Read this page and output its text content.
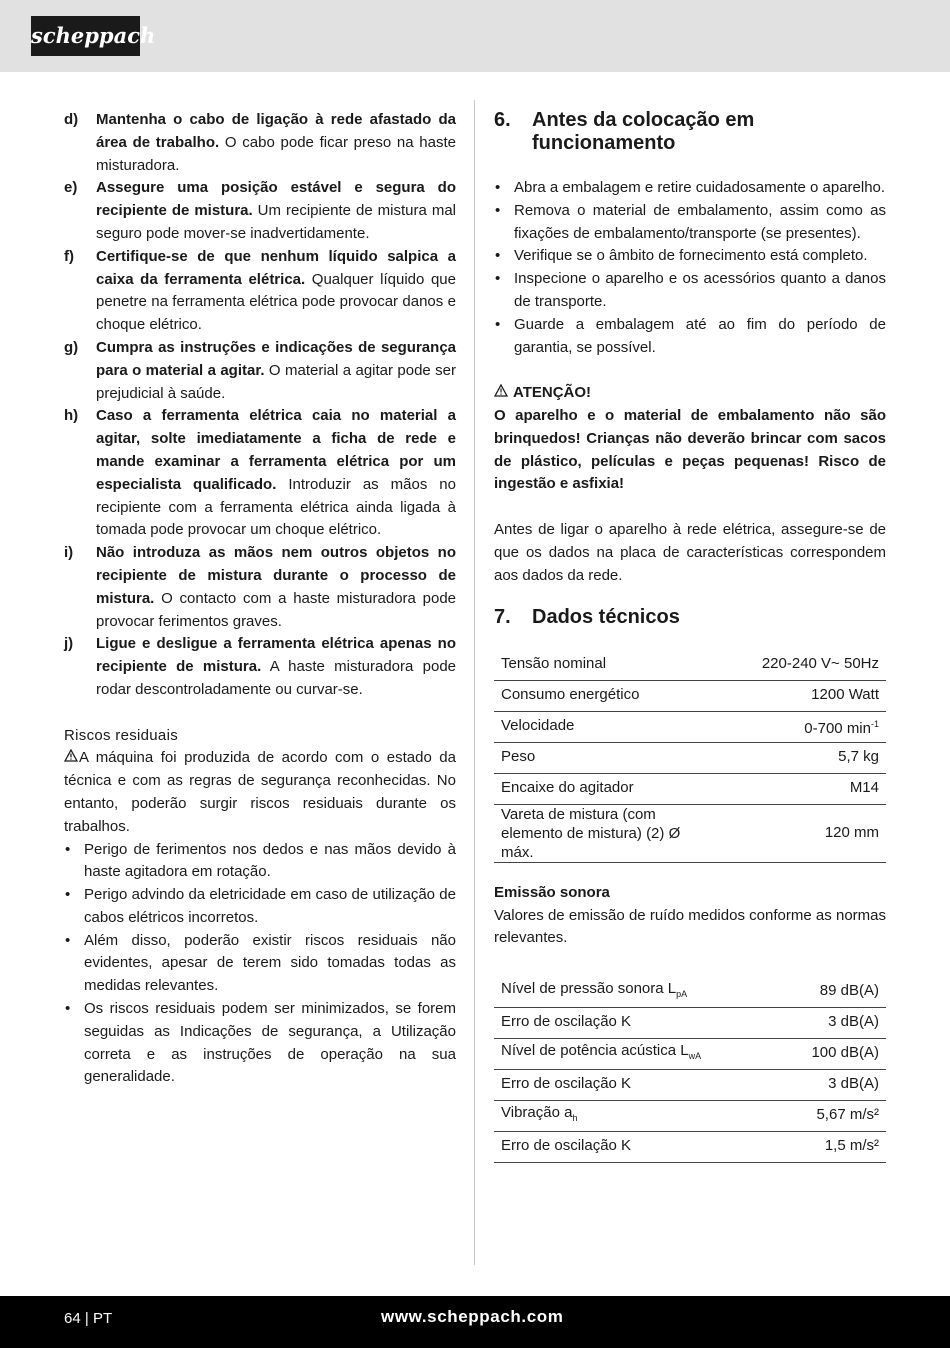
scheppach
d)	Mantenha o cabo de ligação à rede afastado da área de trabalho. O cabo pode ficar preso na haste misturadora.
e)	Assegure uma posição estável e segura do recipiente de mistura. Um recipiente de mistura mal seguro pode mover-se inadvertidamente.
f)	Certifique-se de que nenhum líquido salpica a caixa da ferramenta elétrica. Qualquer líquido que penetre na ferramenta elétrica pode provocar danos e choque elétrico.
g)	Cumpra as instruções e indicações de segurança para o material a agitar. O material a agitar pode ser prejudicial à saúde.
h)	Caso a ferramenta elétrica caia no material a agitar, solte imediatamente a ficha de rede e mande examinar a ferramenta elétrica por um especialista qualificado. Introduzir as mãos no recipiente com a ferramenta elétrica ainda ligada à tomada pode provocar um choque elétrico.
i)	Não introduza as mãos nem outros objetos no recipiente de mistura durante o processo de mistura. O contacto com a haste misturadora pode provocar ferimentos graves.
j)	Ligue e desligue a ferramenta elétrica apenas no recipiente de mistura. A haste misturadora pode rodar descontroladamente ou curvar-se.

Riscos residuais

A máquina foi produzida de acordo com o estado da técnica e com as regras de segurança reconhecidas. No entanto, poderão surgir riscos residuais durante os trabalhos.

• Perigo de ferimentos nos dedos e nas mãos devido à haste agitadora em rotação.
• Perigo advindo da eletricidade em caso de utilização de cabos elétricos incorretos.
• Além disso, poderão existir riscos residuais não evidentes, apesar de terem sido tomadas todas as medidas relevantes.
• Os riscos residuais podem ser minimizados, se forem seguidas as Indicações de segurança, a Utilização correta e as instruções de operação na sua generalidade.
6.	Antes da colocação em funcionamento
• Abra a embalagem e retire cuidadosamente o aparelho.
• Remova o material de embalamento, assim como as fixações de embalamento/transporte (se presentes).
• Verifique se o âmbito de fornecimento está completo.
• Inspecione o aparelho e os acessórios quanto a danos de transporte.
• Guarde a embalagem até ao fim do período de garantia, se possível.

ATENÇÃO!

O aparelho e o material de embalamento não são brinquedos! Crianças não deverão brincar com sacos de plástico, películas e peças pequenas! Risco de ingestão e asfixia!

Antes de ligar o aparelho à rede elétrica, assegure-se de que os dados na placa de características correspondem aos dados da rede.

7.	Dados técnicos
Tensão nominal	220-240 V~ 50Hz
Consumo energético	1200 Watt
Velocidade	0-700 $\min^{-1}$
Peso	5,7 kg
Encaixe do agitador	M14
Vareta de mistura (com elemento de mistura) (2) Ø máx.	120 mm

Emissão sonora

Valores de emissão de ruído medidos conforme as normas relevantes.

Nível de pressão sonora $L_{pA}$	89 dB(A)
Erro de oscilação K	3 dB(A)
Nível de potência acústica $L_{wA}$	100 dB(A)
Erro de oscilação K	3 dB(A)
Vibração $a_h$	5,67 m/s²
Erro de oscilação K	1,5 m/s²
64 | PT	www.scheppach.com
